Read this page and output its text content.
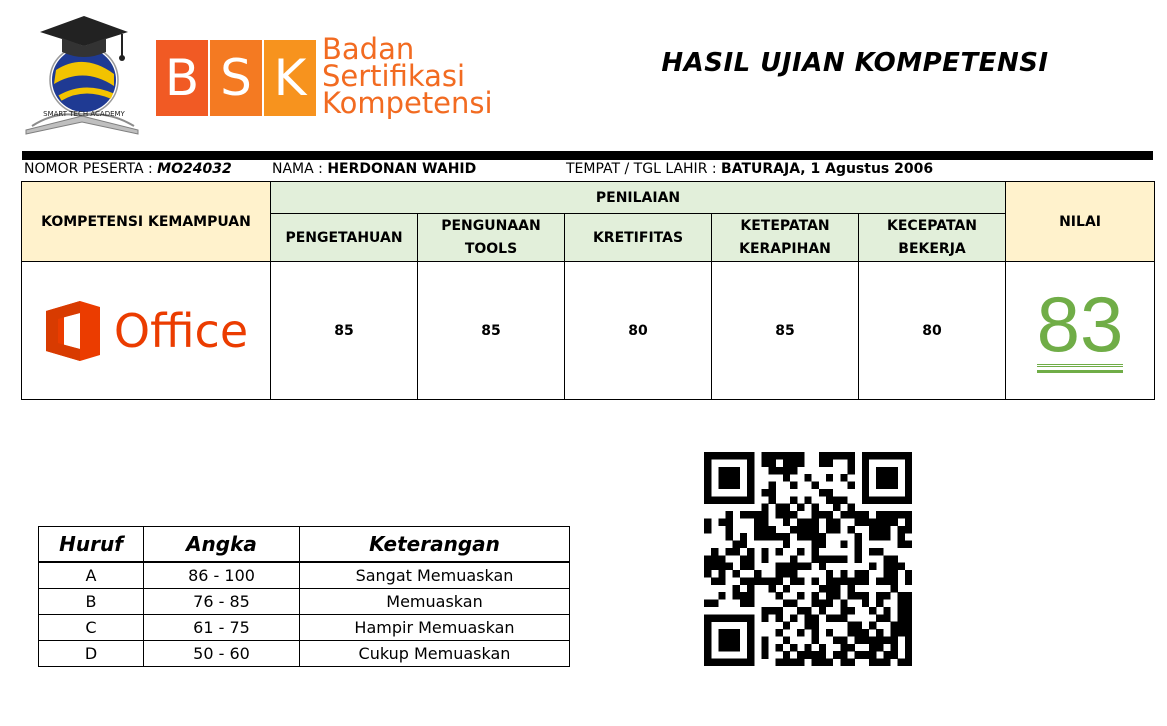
SMART TECH ACADEMY
B S K Badan
Sertifikasi
Kompetensi
HASIL UJIAN KOMPETENSI
NOMOR PESERTA : MO24032	NAMA : HERDONAN WAHID	TEMPAT / TGL LAHIR : BATURAJA, 1 Agustus 2006
KOMPETENSI KEMAMPUAN	PENILAIAN					NILAI
	PENGETAHUAN	PENGUNAAN TOOLS	KRETIFITAS	KETEPATAN KERAPIHAN	KECEPATAN BEKERJA	

Office	85	85	80	85	80	83
Huruf	Angka	Keterangan
A	86 - 100	Sangat Memuaskan
B	76 - 85	Memuaskan
C	61 - 75	Hampir Memuaskan
D	50 - 60	Cukup Memuaskan
